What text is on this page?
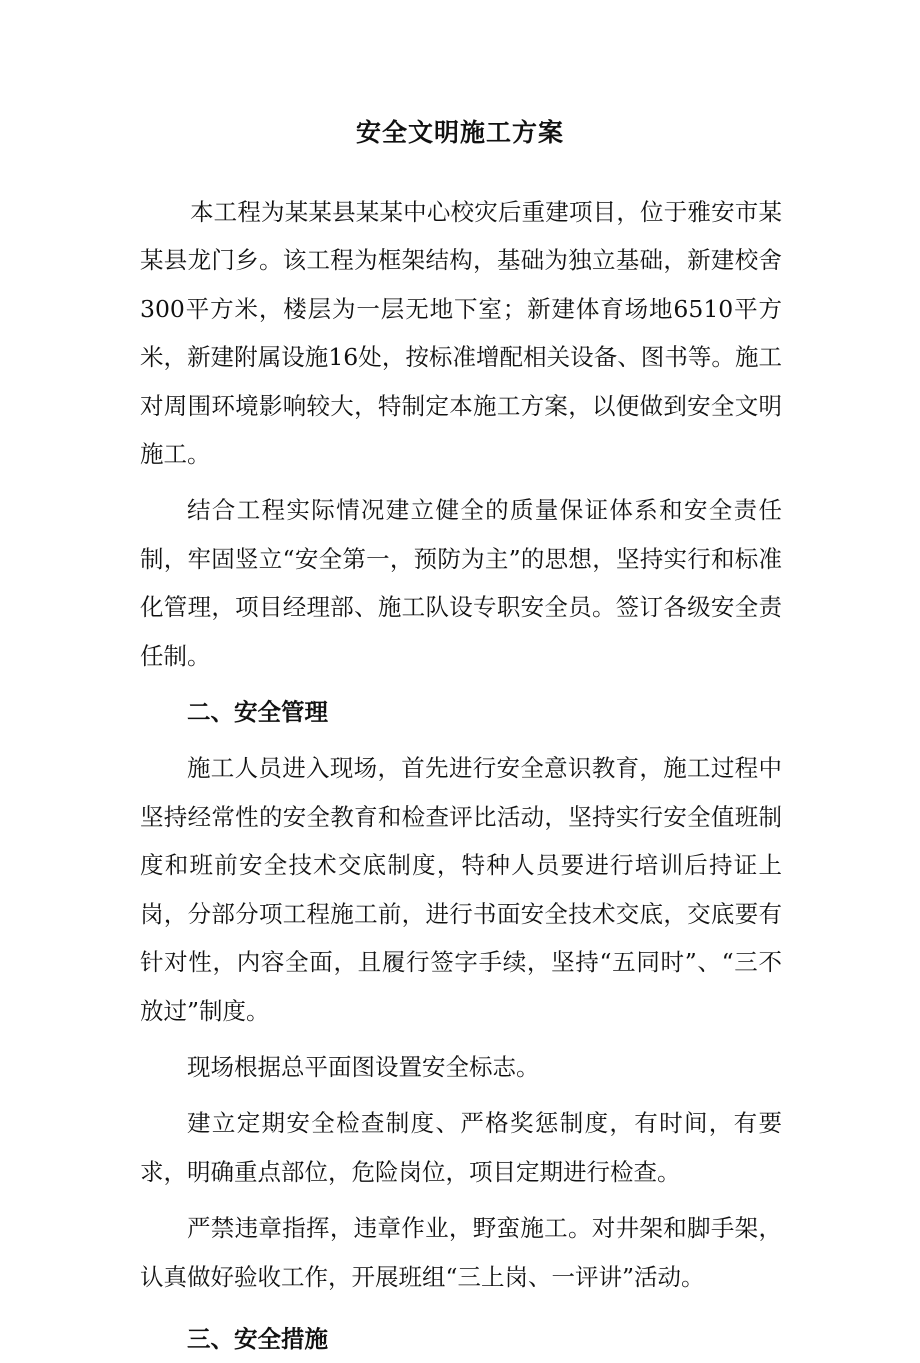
安全文明施工方案

本工程为某某县某某中心校灾后重建项目，位于雅安市某某县龙门乡。该工程为框架结构，基础为独立基础，新建校舍300平方米，楼层为一层无地下室；新建体育场地6510平方米，新建附属设施16处，按标准增配相关设备、图书等。施工对周围环境影响较大，特制定本施工方案，以便做到安全文明施工。

结合工程实际情况建立健全的质量保证体系和安全责任制，牢固竖立“安全第一，预防为主”的思想，坚持实行和标准化管理，项目经理部、施工队设专职安全员。签订各级安全责任制。

二、安全管理

施工人员进入现场，首先进行安全意识教育，施工过程中坚持经常性的安全教育和检查评比活动，坚持实行安全值班制度和班前安全技术交底制度，特种人员要进行培训后持证上岗，分部分项工程施工前，进行书面安全技术交底，交底要有针对性，内容全面，且履行签字手续，坚持“五同时”、“三不放过”制度。

现场根据总平面图设置安全标志。

建立定期安全检查制度、严格奖惩制度，有时间，有要求，明确重点部位，危险岗位，项目定期进行检查。

严禁违章指挥，违章作业，野蛮施工。对井架和脚手架，认真做好验收工作，开展班组“三上岗、一评讲”活动。

三、安全措施
